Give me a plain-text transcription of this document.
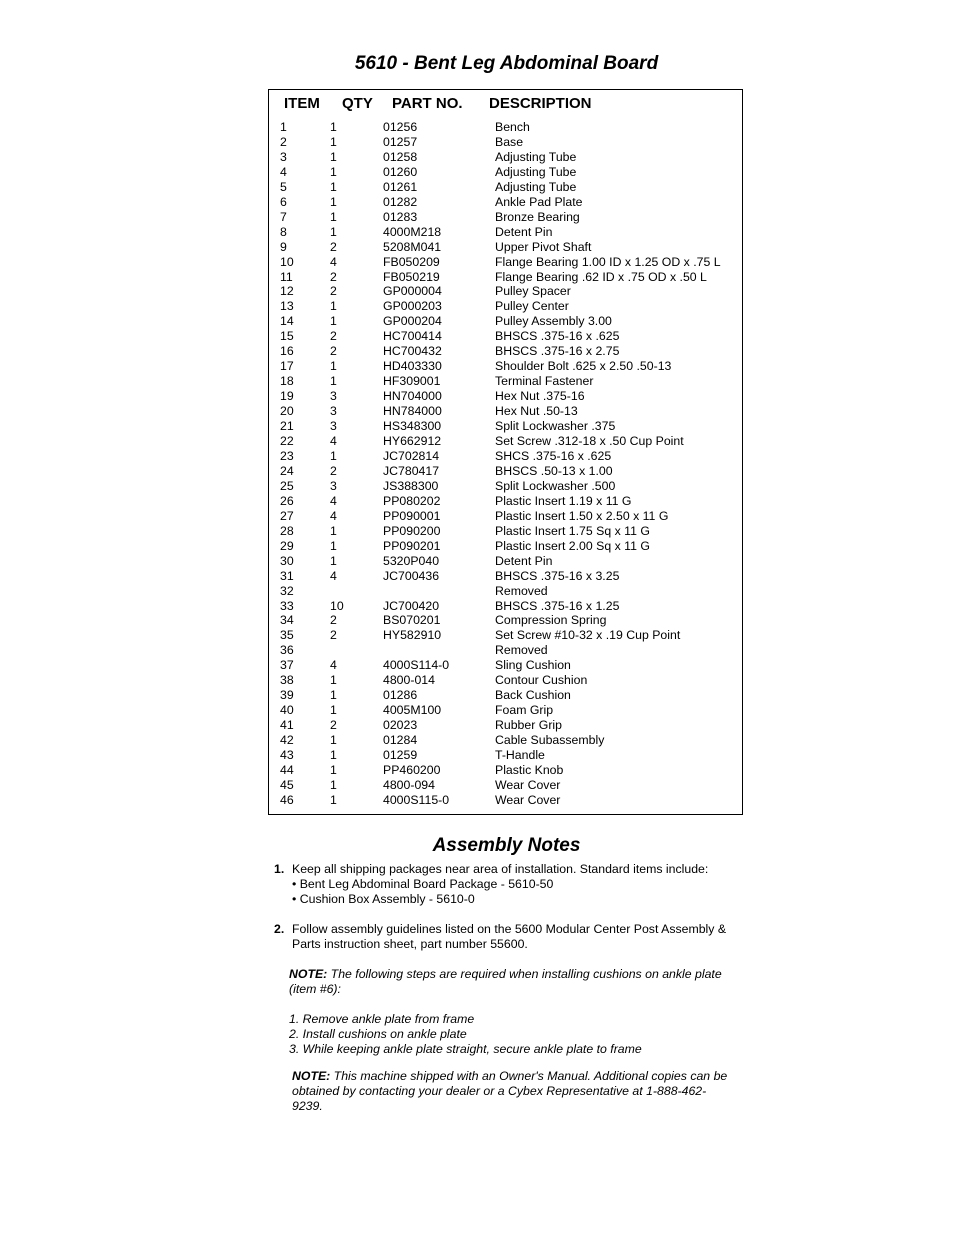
5610 - Bent Leg Abdominal Board
ITEM QTY PART NO. DESCRIPTION
1	1	01256	Bench
2	1	01257	Base
3	1	01258	Adjusting Tube
4	1	01260	Adjusting Tube
5	1	01261	Adjusting Tube
6	1	01282	Ankle Pad Plate
7	1	01283	Bronze Bearing
8	1	4000M218	Detent Pin
9	2	5208M041	Upper Pivot Shaft
10	4	FB050209	Flange Bearing 1.00 ID x 1.25 OD x .75 L
11	2	FB050219	Flange Bearing .62 ID x .75 OD x .50 L
12	2	GP000004	Pulley Spacer
13	1	GP000203	Pulley Center
14	1	GP000204	Pulley Assembly 3.00
15	2	HC700414	BHSCS .375-16 x .625
16	2	HC700432	BHSCS .375-16 x 2.75
17	1	HD403330	Shoulder Bolt .625 x 2.50 .50-13
18	1	HF309001	Terminal Fastener
19	3	HN704000	Hex Nut .375-16
20	3	HN784000	Hex Nut .50-13
21	3	HS348300	Split Lockwasher .375
22	4	HY662912	Set Screw .312-18 x .50 Cup Point
23	1	JC702814	SHCS .375-16 x .625
24	2	JC780417	BHSCS .50-13 x 1.00
25	3	JS388300	Split Lockwasher .500
26	4	PP080202	Plastic Insert 1.19 x 11 G
27	4	PP090001	Plastic Insert 1.50 x 2.50 x 11 G
28	1	PP090200	Plastic Insert 1.75 Sq x 11 G
29	1	PP090201	Plastic Insert 2.00 Sq x 11 G
30	1	5320P040	Detent Pin
31	4	JC700436	BHSCS .375-16 x 3.25
32	Removed
33	10	JC700420	BHSCS .375-16 x 1.25
34	2	BS070201	Compression Spring
35	2	HY582910	Set Screw #10-32 x .19 Cup Point
36	Removed
37	4	4000S114-0	Sling Cushion
38	1	4800-014	Contour Cushion
39	1	01286	Back Cushion
40	1	4005M100	Foam Grip
41	2	02023	Rubber Grip
42	1	01284	Cable Subassembly
43	1	01259	T-Handle
44	1	PP460200	Plastic Knob
45	1	4800-094	Wear Cover
46	1	4000S115-0	Wear Cover
Assembly Notes
1. Keep all shipping packages near area of installation. Standard items include:
• Bent Leg Abdominal Board Package - 5610-50
• Cushion Box Assembly - 5610-0
2. Follow assembly guidelines listed on the 5600 Modular Center Post Assembly &
Parts instruction sheet, part number 55600.
NOTE: The following steps are required when installing cushions on ankle plate
(item #6):
1. Remove ankle plate from frame
2. Install cushions on ankle plate
3. While keeping ankle plate straight, secure ankle plate to frame
NOTE: This machine shipped with an Owner's Manual. Additional copies can be
obtained by contacting your dealer or a Cybex Representative at 1-888-462-
9239.
